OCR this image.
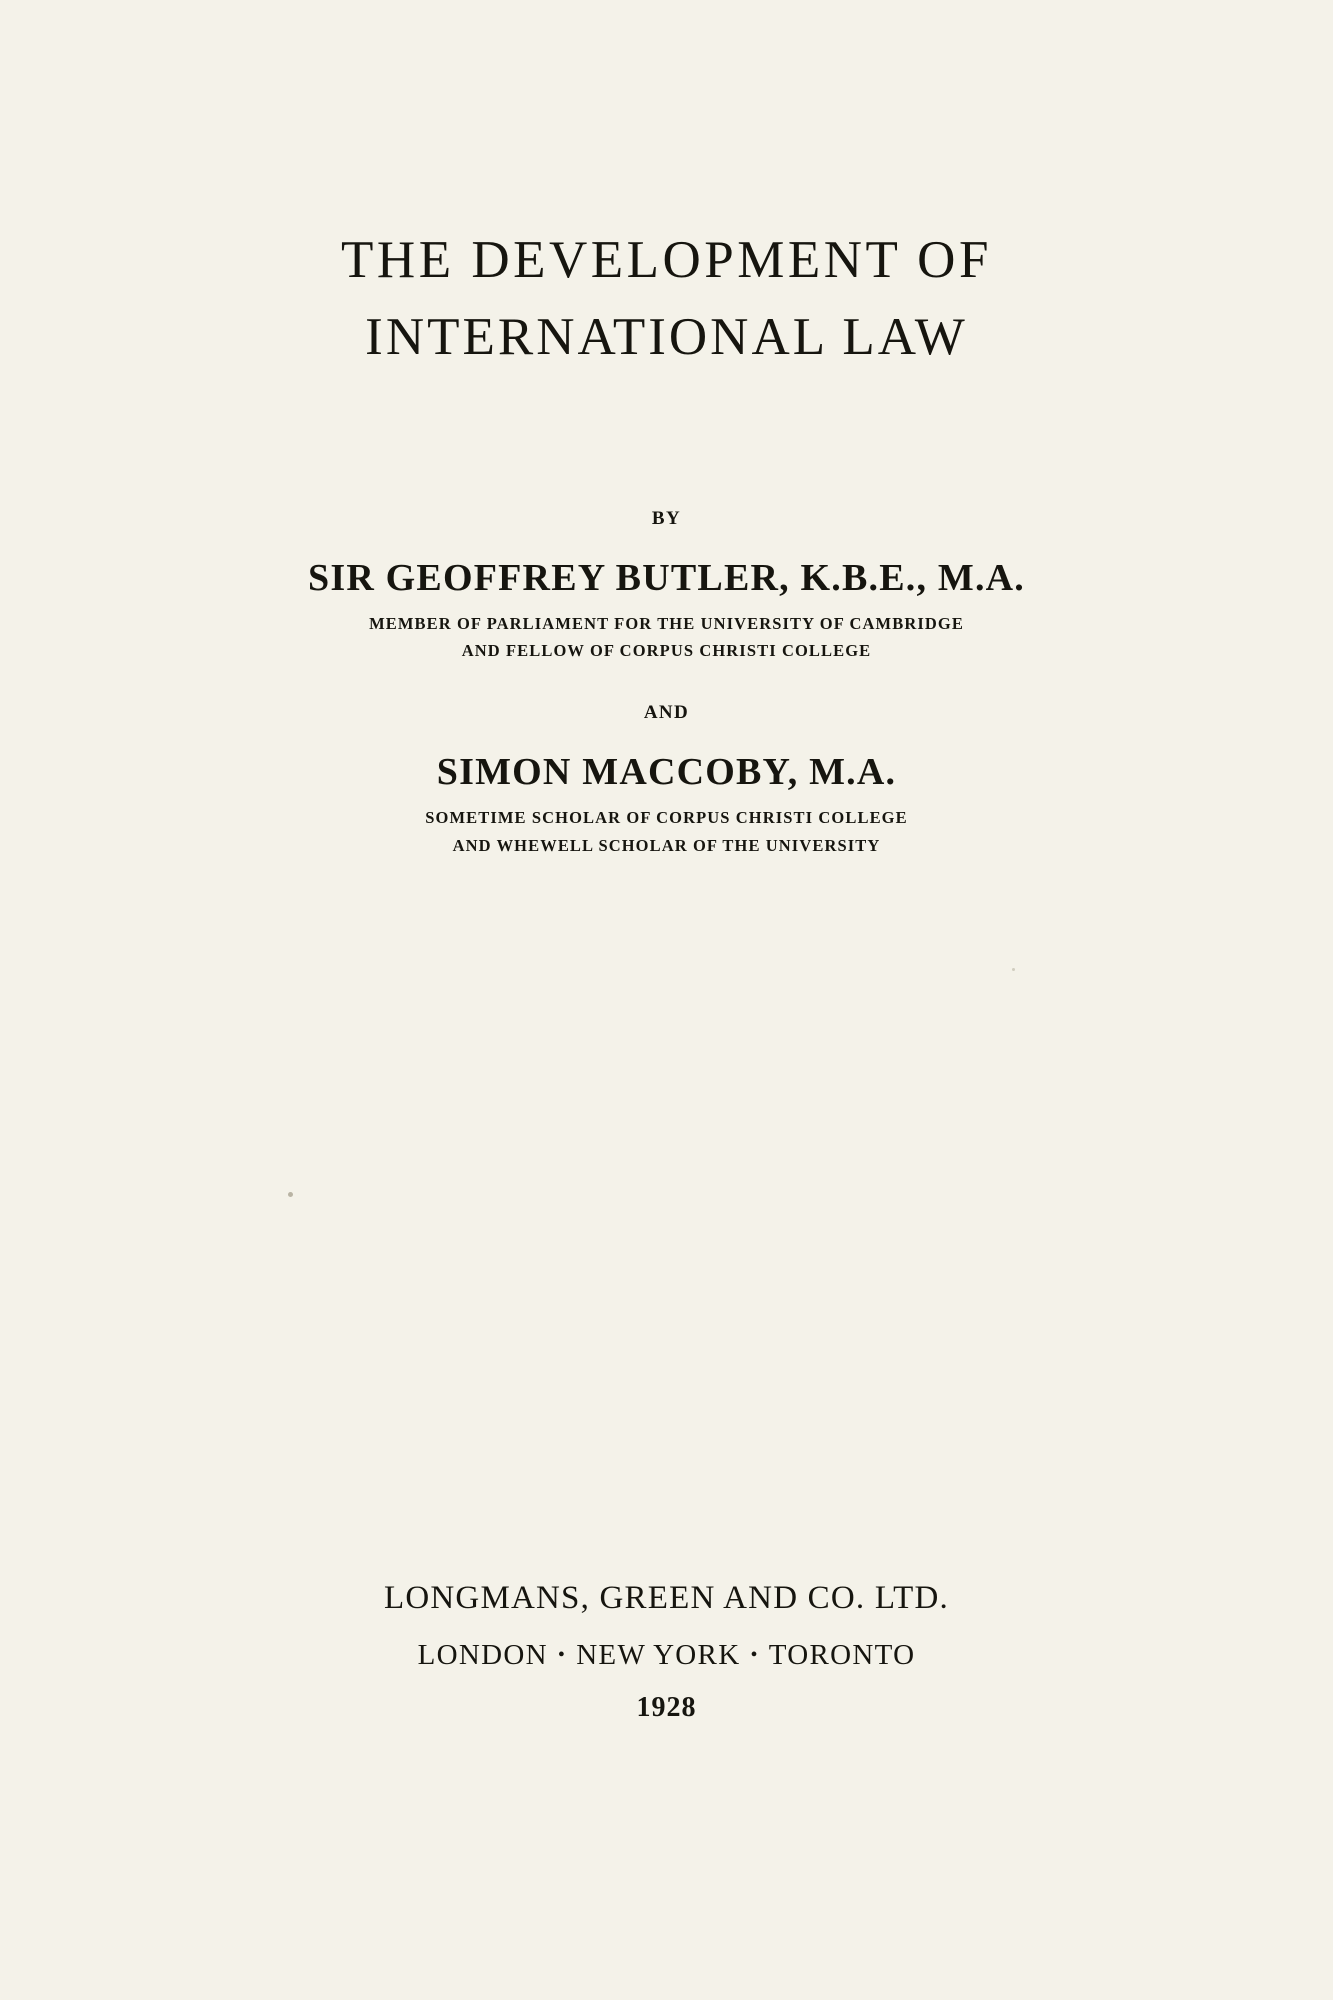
THE DEVELOPMENT OF
INTERNATIONAL LAW
BY
SIR GEOFFREY BUTLER, K.B.E., M.A.
MEMBER OF PARLIAMENT FOR THE UNIVERSITY OF CAMBRIDGE
AND FELLOW OF CORPUS CHRISTI COLLEGE
AND
SIMON MACCOBY, M.A.
SOMETIME SCHOLAR OF CORPUS CHRISTI COLLEGE
AND WHEWELL SCHOLAR OF THE UNIVERSITY
LONGMANS, GREEN AND CO. LTD.
LONDON • NEW YORK • TORONTO
1928
